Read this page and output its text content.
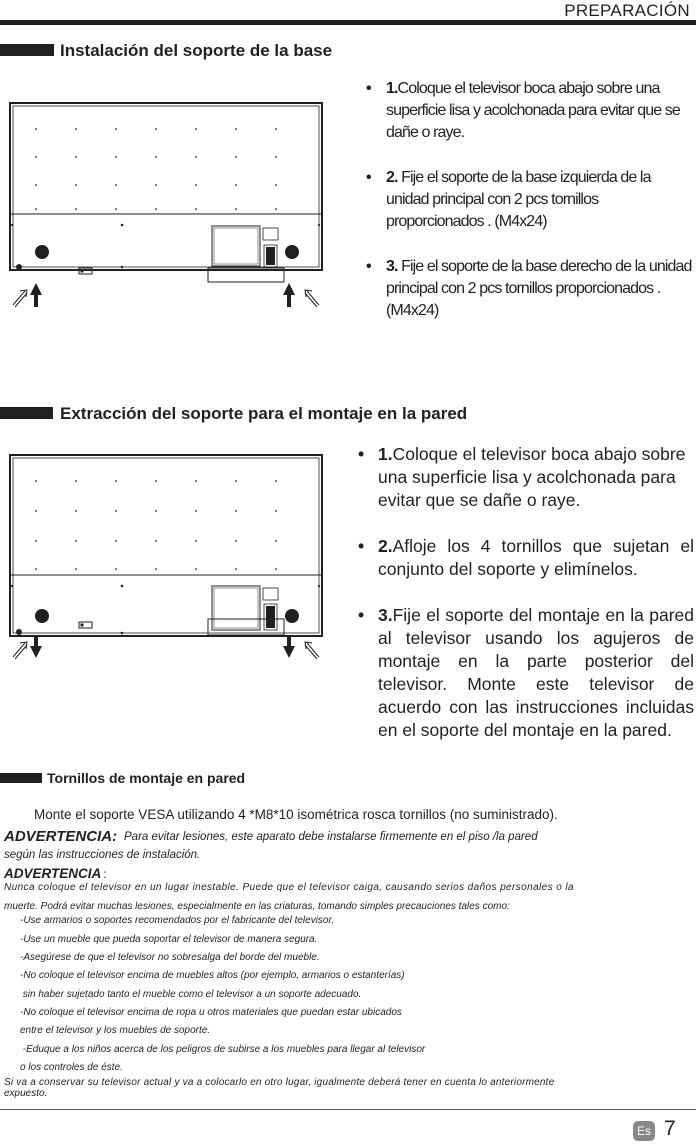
PREPARACIÓN
Instalación del soporte de la base
• 1.Coloque el televisor boca abajo sobre una superficie lisa y acolchonada para evitar que se dañe o raye.
• 2. Fije el soporte de la base izquierda de la unidad principal con 2 pcs tornillos proporcionados . (M4x24)
• 3. Fije el soporte de la base derecho de la unidad principal con 2 pcs tornillos proporcionados . (M4x24)
Extracción del soporte para el montaje en la pared
• 1.Coloque el televisor boca abajo sobre una superficie lisa y acolchonada para evitar que se dañe o raye.
• 2.Afloje los 4 tornillos que sujetan el conjunto del soporte y elimínelos.
• 3.Fije el soporte del montaje en la pared al televisor usando los agujeros de montaje en la parte posterior del televisor. Monte este televisor de acuerdo con las instrucciones incluidas en el soporte del montaje en la pared.
Tornillos de montaje en pared
Monte el soporte VESA utilizando 4 *M8*10 isométrica rosca tornillos (no suministrado).
ADVERTENCIA: Para evitar lesiones, este aparato debe instalarse firmemente en el piso /la pared
según las instrucciones de instalación.
ADVERTENCIA :
Nunca coloque el televisor en un lugar inestable. Puede que el televisor caiga, causando serios daños personales o la
muerte. Podrá evitar muchas lesiones, especialmente en las criaturas, tomando simples precauciones tales como:
-Use armarios o soportes recomendados por el fabricante del televisor.
-Use un mueble que pueda soportar el televisor de manera segura.
-Asegúrese de que el televisor no sobresalga del borde del mueble.
-No coloque el televisor encima de muebles altos (por ejemplo, armarios o estanterías)
sin haber sujetado tanto el mueble como el televisor a un soporte adecuado.
-No coloque el televisor encima de ropa u otros materiales que puedan estar ubicados
entre el televisor y los muebles de soporte.
-Eduque a los niños acerca de los peligros de subirse a los muebles para llegar al televisor
o los controles de éste.
Si va a conservar su televisor actual y va a colocarlo en otro lugar, igualmente deberá tener en cuenta lo anteriormente
expuesto.
Es 7
